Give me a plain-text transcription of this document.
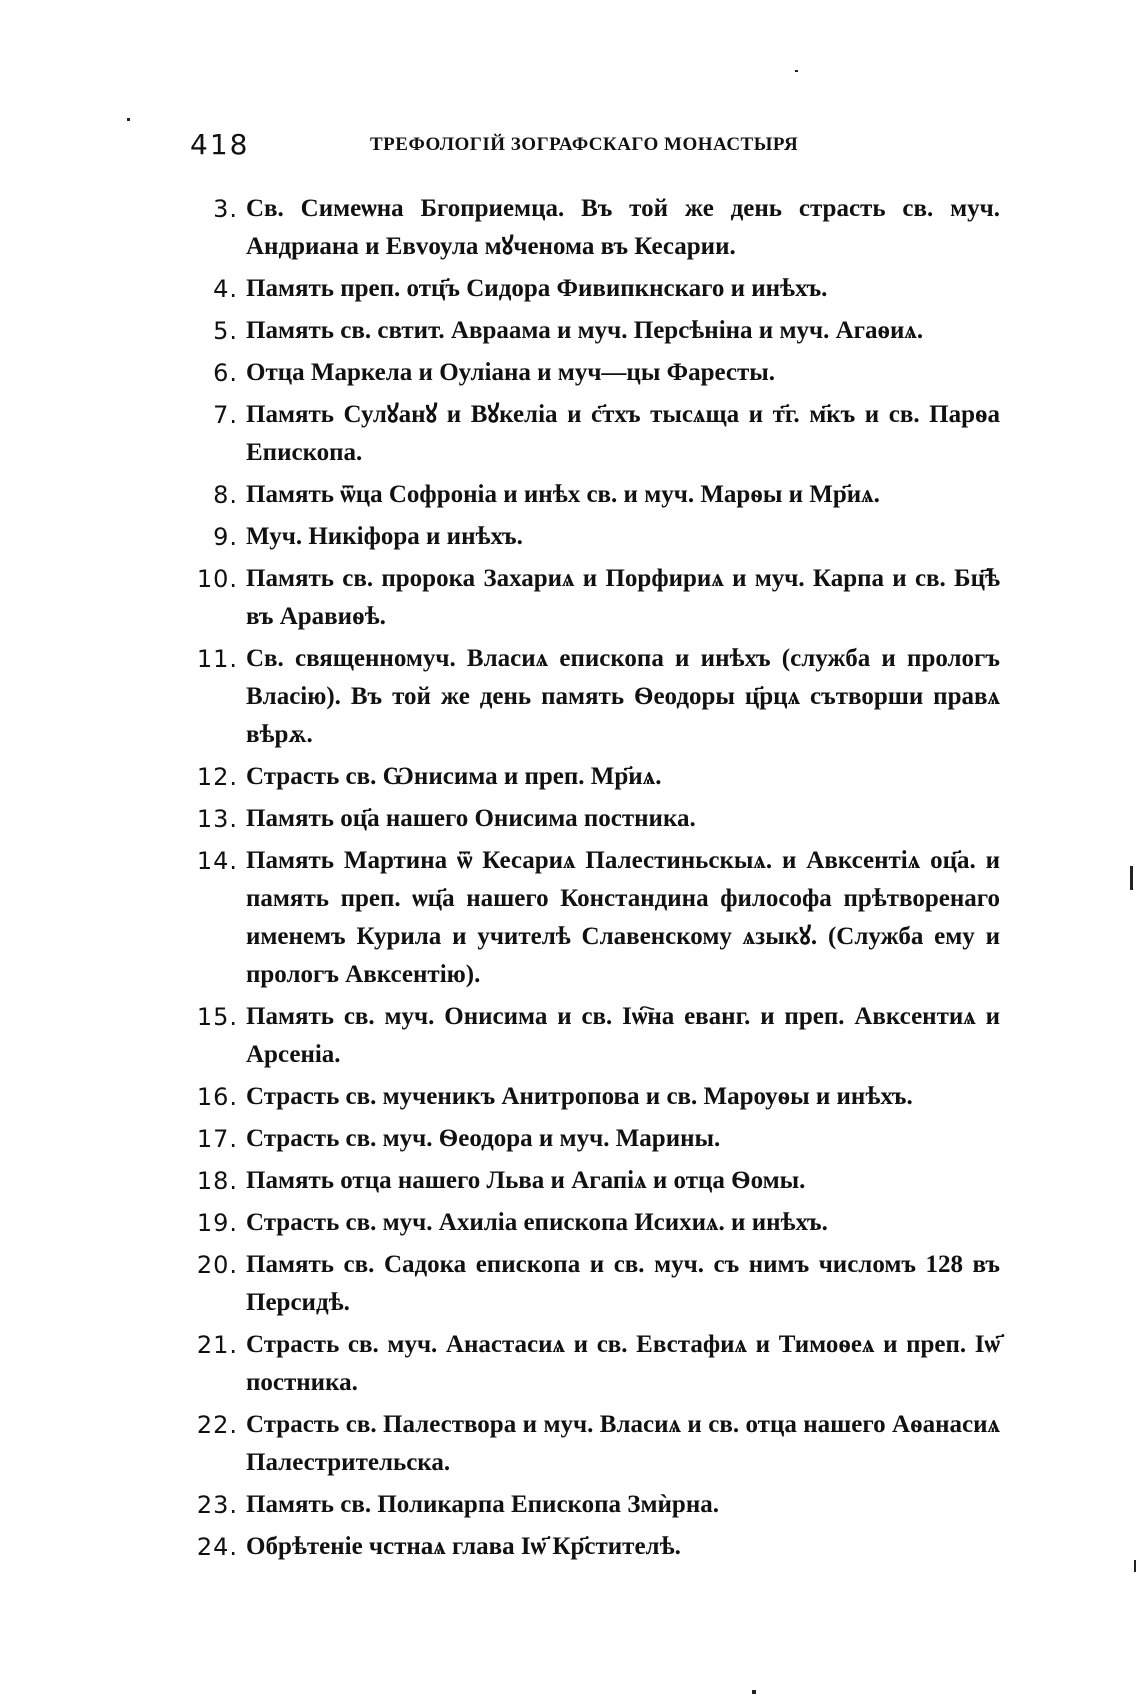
418	ТРЕФОЛОГІЙ ЗОГРАФСКАГО МОНАСТЫРЯ
3. Св. Симеѡна Бгоприемца. Въ той же день страсть св. муч. Андрианa и Евvоула мꙋченома въ Кесарии.
4. Память преп. отц҃ъ Сидора Фивипкнскаго и инѣхъ.
5. Память св. свтит. Авраама и муч. Персѣніна и муч. Агаѳиѧ.
6. Отца Маркела и Оуліана и муч—цы Фаресты.
7. Память Сулꙋанꙋ и Вꙋкеліа и с҃тхъ тысѧща и т҃г. м҃къ и св. Парѳа Епископа.
8. Память ѿца Софроніа и инѣх св. и муч. Марѳы и Мр҃иѧ.
9. Муч. Никіфора и инѣхъ.
10. Память св. пророка Захариѧ и Порфириѧ и муч. Карпа и св. Бц҃ѣ въ Аравиѳѣ.
11. Св. священномуч. Власиѧ епископа и инѣхъ (служба и прологъ Власію). Въ той же день память Ѳеодоры ц҃рцѧ сътворши правѧ вѣрѫ.
12. Страсть св. Ѡнисима и преп. Мр҃иѧ.
13. Память оц҃а нашего Онисима постника.
14. Память Мартина ѿ Кесариѧ Палестиньскыѧ. и Авксентіѧ оц҃а. и память преп. ѡц҃а нашего Констандина философа прѣтворенаго именемъ Курила и учителѣ Славенскому ѧзыкꙋ. (Служба ему и прологъ Авксентію).
15. Память св. муч. Онисима и св. Іѡ҇на еванг. и преп. Авксентиѧ и Арсеніа.
16. Страсть св. мученикъ Анитропова и св. Мароуѳы и инѣхъ.
17. Страсть св. муч. Ѳеодора и муч. Марины.
18. Память отца нашего Льва и Агапіѧ и отца Ѳомы.
19. Страсть св. муч. Ахиліа епископа Исихиѧ. и инѣхъ.
20. Память св. Садока епископа и св. муч. съ нимъ числомъ 128 въ Персидѣ.
21. Страсть св. муч. Анастасиѧ и св. Евстафиѧ и Тимоѳеѧ и преп. Іѡ҃ постника.
22. Страсть св. Палествора и муч. Власиѧ и св. отца нашего Аѳанасиѧ Палестрительска.
23. Память св. Поликарпа Епископа Змѝрна.
24. Обрѣтеніе чстнаѧ глава Іѡ҃ Кр҃стителѣ.
